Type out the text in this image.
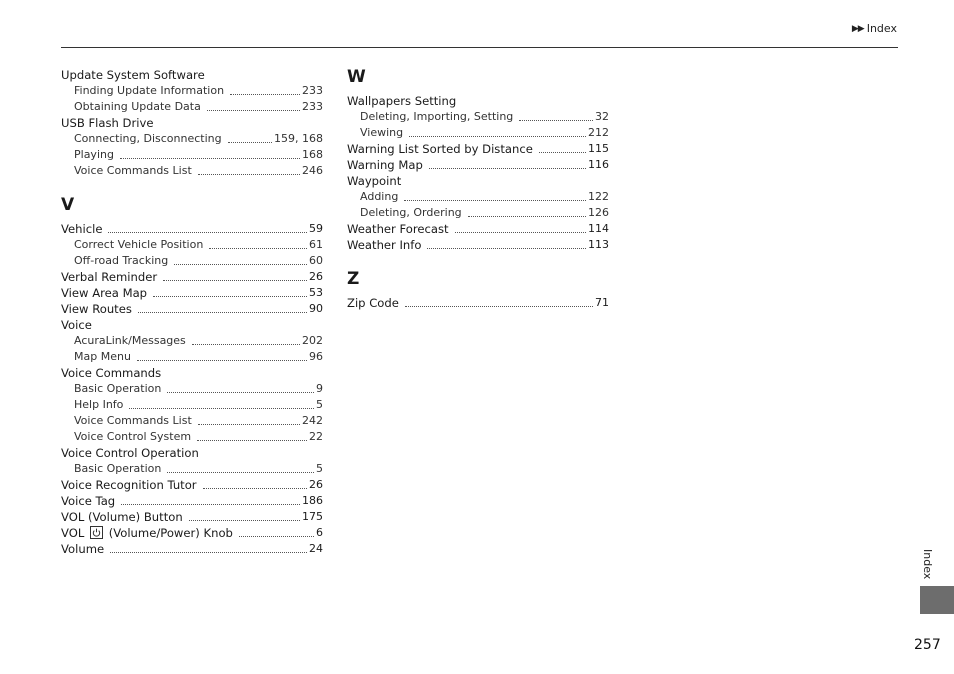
▶▶ Index
Update System Software
Finding Update Information	233
Obtaining Update Data	233
USB Flash Drive
Connecting, Disconnecting	159, 168
Playing	168
Voice Commands List	246
V
Vehicle	59
Correct Vehicle Position	61
Off-road Tracking	60
Verbal Reminder	26
View Area Map	53
View Routes	90
Voice
AcuraLink/Messages	202
Map Menu	96
Voice Commands
Basic Operation	9
Help Info	5
Voice Commands List	242
Voice Control System	22
Voice Control Operation
Basic Operation	5
Voice Recognition Tutor	26
Voice Tag	186
VOL (Volume) Button	175
VOL (Volume/Power) Knob	6
Volume	24
W
Wallpapers Setting
Deleting, Importing, Setting	32
Viewing	212
Warning List Sorted by Distance	115
Warning Map	116
Waypoint
Adding	122
Deleting, Ordering	126
Weather Forecast	114
Weather Info	113
Z
Zip Code	71
Index
257
